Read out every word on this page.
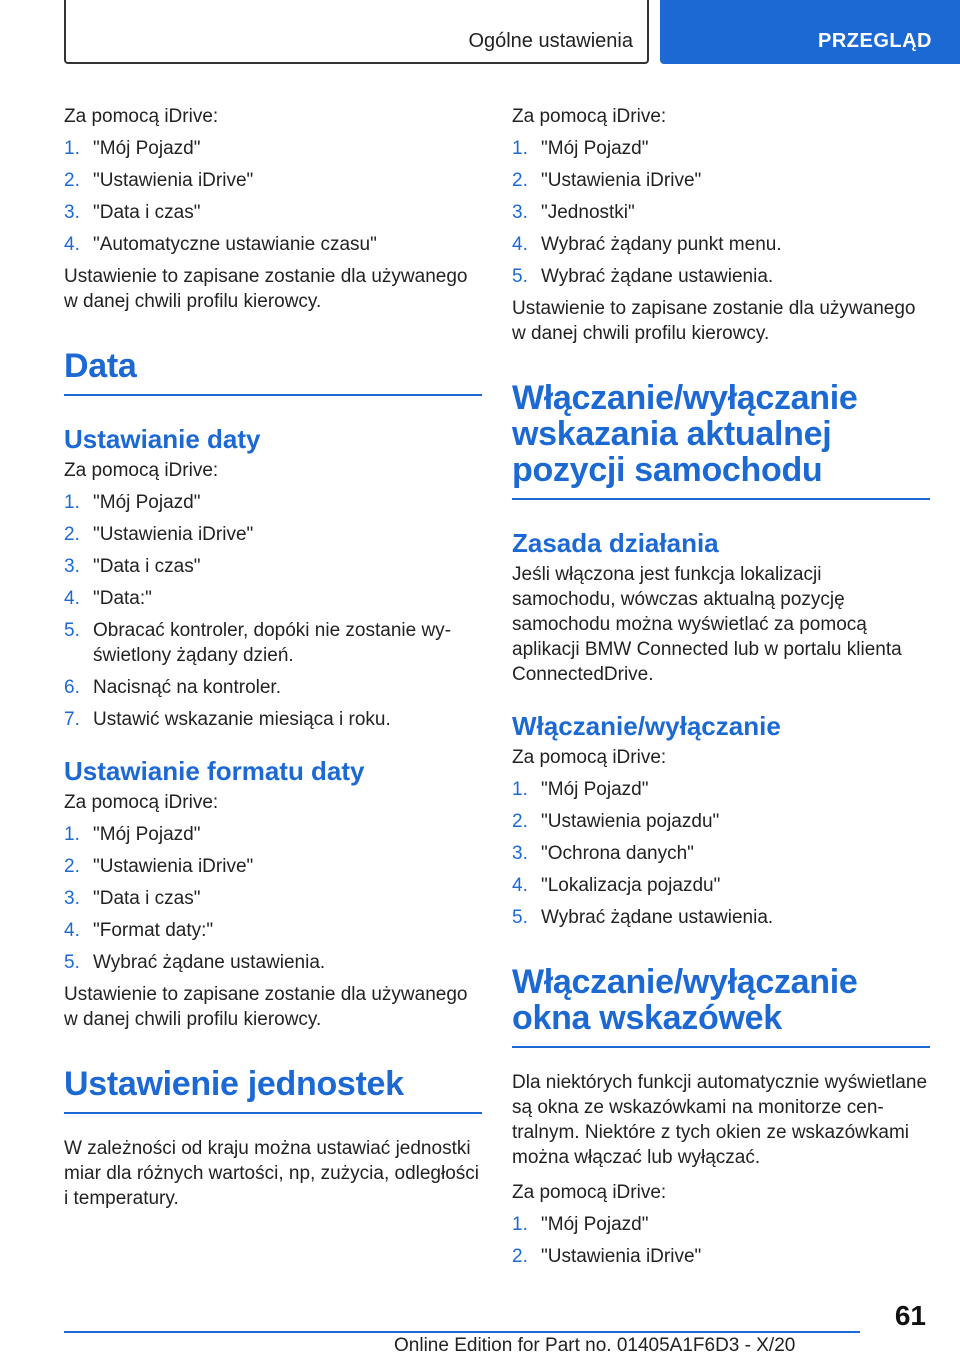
Ogólne ustawienia	PRZEGLĄD

Za pomocą iDrive:

1. "Mój Pojazd"
2. "Ustawienia iDrive"
3. "Data i czas"
4. "Automatyczne ustawianie czasu"

Ustawienie to zapisane zostanie dla używanego w danej chwili profilu kierowcy.

Data
Ustawianie daty

Za pomocą iDrive:

1. "Mój Pojazd"
2. "Ustawienia iDrive"
3. "Data i czas"
4. "Data:"
5. Obracać kontroler, dopóki nie zostanie wyświetlony żądany dzień.
6. Nacisnąć na kontroler.
7. Ustawić wskazanie miesiąca i roku.
Ustawianie formatu daty

Za pomocą iDrive:

1. "Mój Pojazd"
2. "Ustawienia iDrive"
3. "Data i czas"
4. "Format daty:"
5. Wybrać żądane ustawienia.

Ustawienie to zapisane zostanie dla używanego w danej chwili profilu kierowcy.

Ustawienie jednostek

W zależności od kraju można ustawiać jednostki miar dla różnych wartości, np, zużycia, odległości i temperatury.

Za pomocą iDrive:

1. "Mój Pojazd"
2. "Ustawienia iDrive"
3. "Jednostki"
4. Wybrać żądany punkt menu.
5. Wybrać żądane ustawienia.

Ustawienie to zapisane zostanie dla używanego w danej chwili profilu kierowcy.

Włączanie/wyłączanie wskazania aktualnej pozycji samochodu
Zasada działania

Jeśli włączona jest funkcja lokalizacji samochodu, wówczas aktualną pozycję samochodu można wyświetlać za pomocą aplikacji BMW Connected lub w portalu klienta ConnectedDrive.

Włączanie/wyłączanie

Za pomocą iDrive:

1. "Mój Pojazd"
2. "Ustawienia pojazdu"
3. "Ochrona danych"
4. "Lokalizacja pojazdu"
5. Wybrać żądane ustawienia.
Włączanie/wyłączanie okna wskazówek

Dla niektórych funkcji automatycznie wyświetlane są okna ze wskazówkami na monitorze centralnym. Niektóre z tych okien ze wskazówkami można włączać lub wyłączać.

Za pomocą iDrive:

1. "Mój Pojazd"
2. "Ustawienia iDrive"
61
Online Edition for Part no. 01405A1F6D3 - X/20
